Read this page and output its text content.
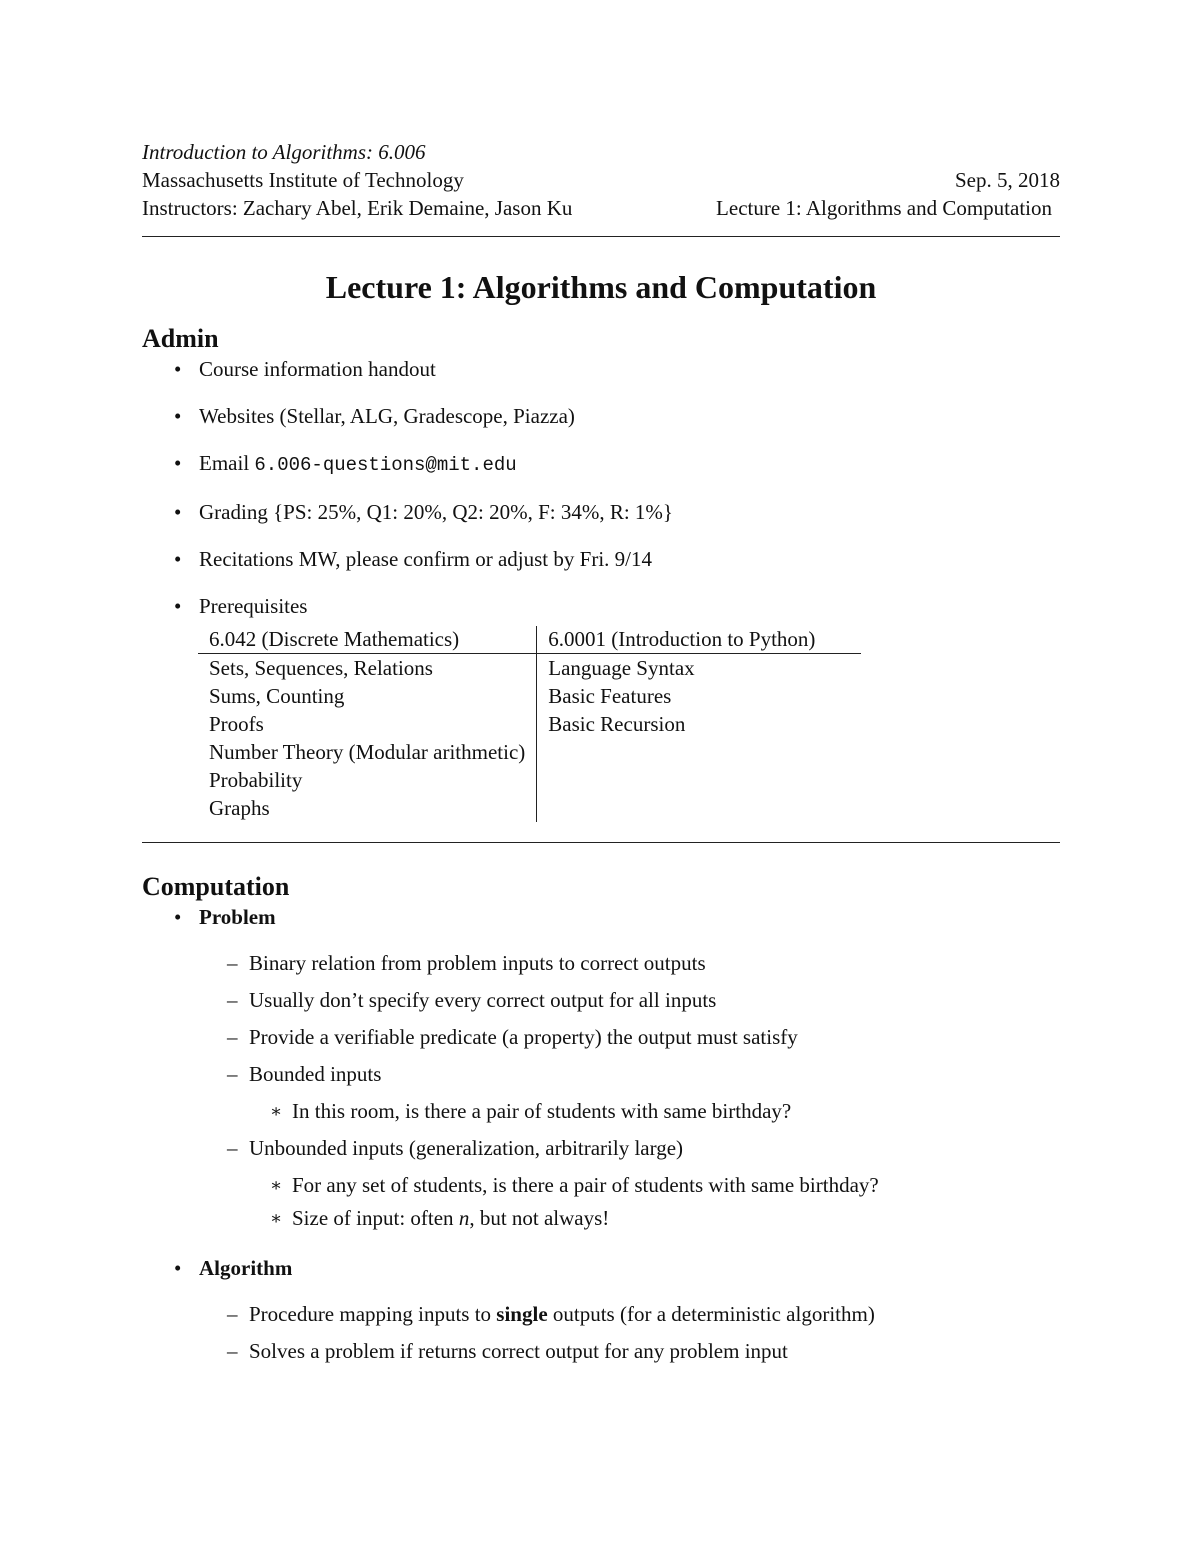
Introduction to Algorithms: 6.006
Massachusetts Institute of Technology	Sep. 5, 2018
Instructors: Zachary Abel, Erik Demaine, Jason Ku	Lecture 1: Algorithms and Computation
Lecture 1: Algorithms and Computation
Admin
• Course information handout
• Websites (Stellar, ALG, Gradescope, Piazza)
• Email 6.006-questions@mit.edu
• Grading {PS: 25%, Q1: 20%, Q2: 20%, F: 34%, R: 1%}
• Recitations MW, please confirm or adjust by Fri. 9/14
• Prerequisites
6.042 (Discrete Mathematics)	6.0001 (Introduction to Python)
Sets, Sequences, Relations	Language Syntax
Sums, Counting	Basic Features
Proofs	Basic Recursion
Number Theory (Modular arithmetic)	
Probability	
Graphs	
Computation
• Problem
– Binary relation from problem inputs to correct outputs
– Usually don’t specify every correct output for all inputs
– Provide a verifiable predicate (a property) the output must satisfy
– Bounded inputs
∗ In this room, is there a pair of students with same birthday?
– Unbounded inputs (generalization, arbitrarily large)
∗ For any set of students, is there a pair of students with same birthday?
∗ Size of input: often n, but not always!
• Algorithm
– Procedure mapping inputs to single outputs (for a deterministic algorithm)
– Solves a problem if returns correct output for any problem input
